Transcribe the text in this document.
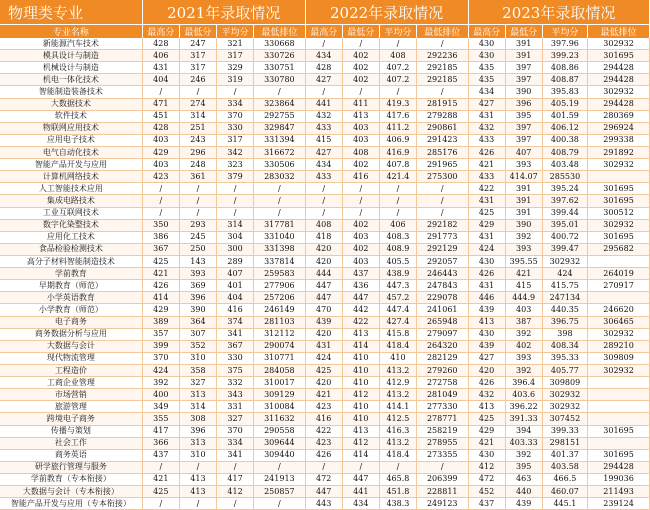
物理类专业	2021年录取情况				2022年录取情况				2023年录取情况			
专业名称	最高分	最低分	平均分	最低排位	最高分	最低分	平均分	最低排位	最高分	最低分	平均分	最低排位
新能源汽车技术	428	247	321	330668	/	/	/	/	430	391	397.96	302932
模具设计与制造	406	317	317	330726	434	402	408	292236	430	391	399.23	301695
机械设计与制造	431	317	329	330751	428	402	407.2	292185	435	397	408.86	294428
机电一体化技术	404	246	319	330780	427	402	407.2	292185	435	397	408.87	294428
智能制造装备技术	/	/	/	/	/	/	/	/	434	390	395.83	302932
大数据技术	471	274	334	323864	441	411	419.3	281915	427	396	405.19	294428
软件技术	451	314	370	292755	432	413	417.6	279288	431	395	401.59	280369
物联网应用技术	428	251	330	329847	433	403	411.2	290861	432	397	406.12	296924
应用电子技术	403	243	317	331394	415	403	406.9	291423	433	397	400.38	299338
电气自动化技术	429	296	342	316672	427	408	416.9	285176	426	407	408.79	291892
智能产品开发与应用	403	248	323	330506	434	402	407.8	291965	421	393	403.48	302932
计算机网络技术	423	361	379	283032	433	416	421.4	275300	433	414.07	285530	
人工智能技术应用	/	/	/	/	/	/	/	/	422	391	395.24	301695
集成电路技术	/	/	/	/	/	/	/	/	431	391	397.62	301695
工业互联网技术	/	/	/	/	/	/	/	/	425	391	399.44	300512
数字化染整技术	350	293	314	317781	408	402	406	292182	429	390	395.01	302932
应用化工技术	386	245	304	331040	418	403	408.3	291773	431	392	400.72	301695
食品检验检测技术	367	250	300	331398	420	402	408.9	292129	424	393	399.47	295682
高分子材料智能制造技术	425	143	289	337814	420	403	405.5	292057	430	395.55	302932	
学前教育	421	393	407	259583	444	437	438.9	246443	426	421	424	264019
早期教育（师范）	426	369	401	277906	447	436	447.3	247843	431	415	415.75	270917
小学英语教育	414	396	404	257206	447	447	457.2	229078	446	444.9	247134	
小学教育（师范）	429	390	416	246149	470	442	447.4	241061	439	403	440.35	246620
电子商务	389	364	374	281103	439	422	427.4	265948	413	387	396.75	306465
商务数据分析与应用	357	307	341	312112	420	413	415.8	279097	430	392	398	302932
大数据与会计	399	352	367	290074	431	414	418.4	264320	439	402	408.34	289210
现代物流管理	370	310	330	310771	424	410	410	282129	427	393	395.33	309809
工程造价	424	358	375	284058	425	410	413.2	279260	420	392	405.77	302932
工商企业管理	392	327	332	310017	420	410	412.9	272758	426	396.4	309809	
市场营销	400	313	343	309129	421	412	413.2	281049	432	403.6	302932	
旅游管理	349	314	331	310084	423	410	414.1	277330	413	396.22	302932	
跨境电子商务	355	308	327	311632	416	410	412.5	278771	425	391.33	307452	
传播与策划	417	396	370	290558	422	413	416.3	258219	429	394	399.33	301695
社会工作	366	313	334	309644	423	412	413.2	278955	421	403.33	298151	
商务英语	437	310	341	309440	426	414	418.4	273355	430	392	401.37	301695
研学旅行管理与服务	/	/	/	/	/	/	/	/	412	395	403.58	294428
学前教育（专本衔接）	421	413	417	241913	472	447	465.8	206399	472	463	466.5	199036
大数据与会计（专本衔接）	425	413	412	250857	447	441	451.8	228811	452	440	460.07	211493
智能产品开发与应用（专本衔接）	/	/	/	/	443	434	438.3	249123	437	439	445.1	239124
